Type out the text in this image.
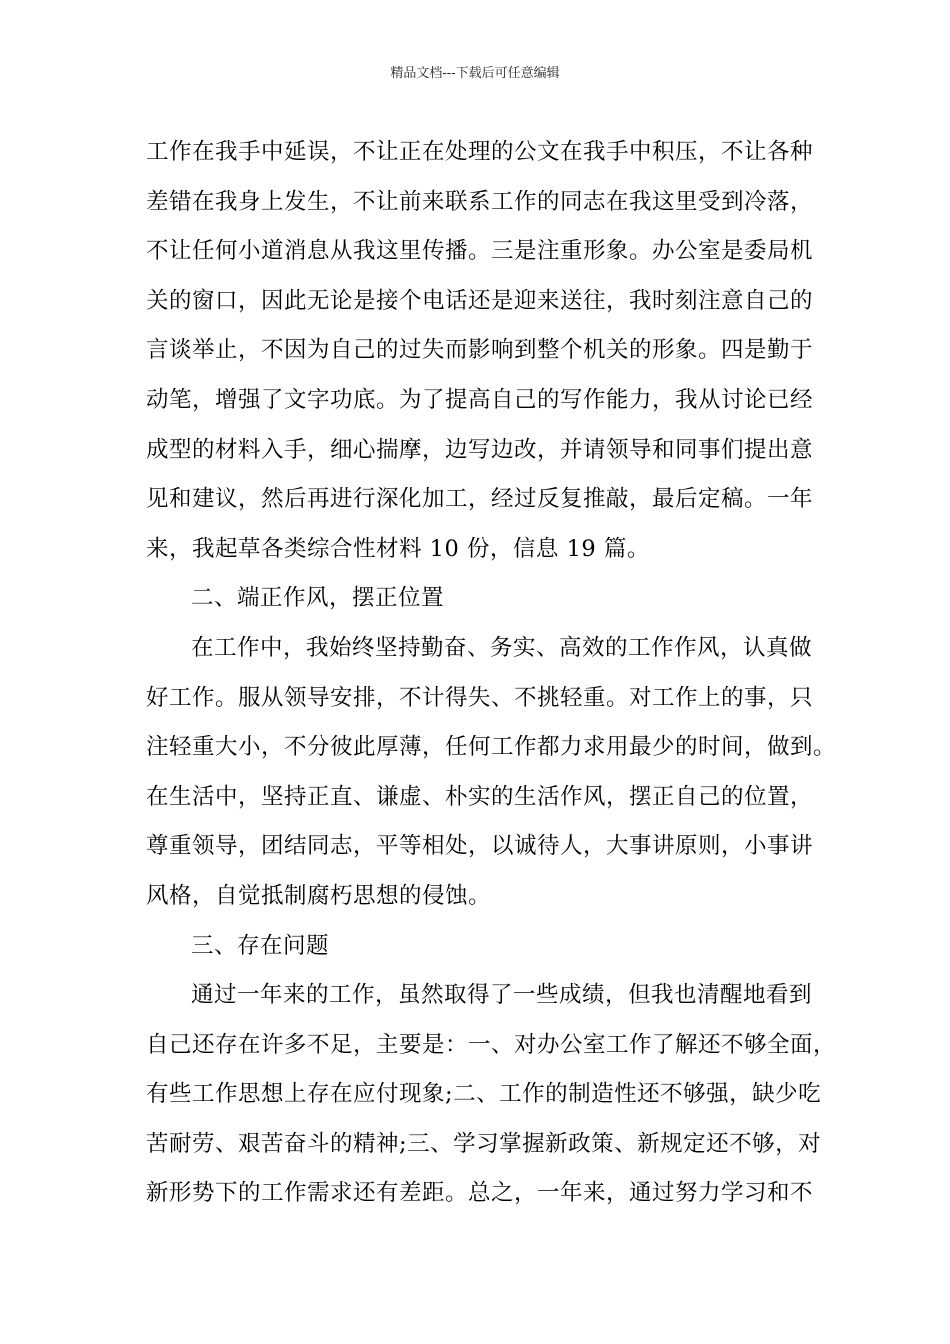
精品文档---下载后可任意编辑
工作在我手中延误，不让正在处理的公文在我手中积压，不让各种
差错在我身上发生，不让前来联系工作的同志在我这里受到冷落，
不让任何小道消息从我这里传播。三是注重形象。办公室是委局机
关的窗口，因此无论是接个电话还是迎来送往，我时刻注意自己的
言谈举止，不因为自己的过失而影响到整个机关的形象。四是勤于
动笔，增强了文字功底。为了提高自己的写作能力，我从讨论已经
成型的材料入手，细心揣摩，边写边改，并请领导和同事们提出意
见和建议，然后再进行深化加工，经过反复推敲，最后定稿。一年
来，我起草各类综合性材料 10 份，信息 19 篇。
二、端正作风，摆正位置
在工作中，我始终坚持勤奋、务实、高效的工作作风，认真做
好工作。服从领导安排，不计得失、不挑轻重。对工作上的事，只
注轻重大小，不分彼此厚薄，任何工作都力求用最少的时间，做到。
在生活中，坚持正直、谦虚、朴实的生活作风，摆正自己的位置，
尊重领导，团结同志，平等相处，以诚待人，大事讲原则，小事讲
风格，自觉抵制腐朽思想的侵蚀。
三、存在问题
通过一年来的工作，虽然取得了一些成绩，但我也清醒地看到
自己还存在许多不足，主要是：一、对办公室工作了解还不够全面，
有些工作思想上存在应付现象;二、工作的制造性还不够强，缺少吃
苦耐劳、艰苦奋斗的精神;三、学习掌握新政策、新规定还不够，对
新形势下的工作需求还有差距。总之，一年来，通过努力学习和不
